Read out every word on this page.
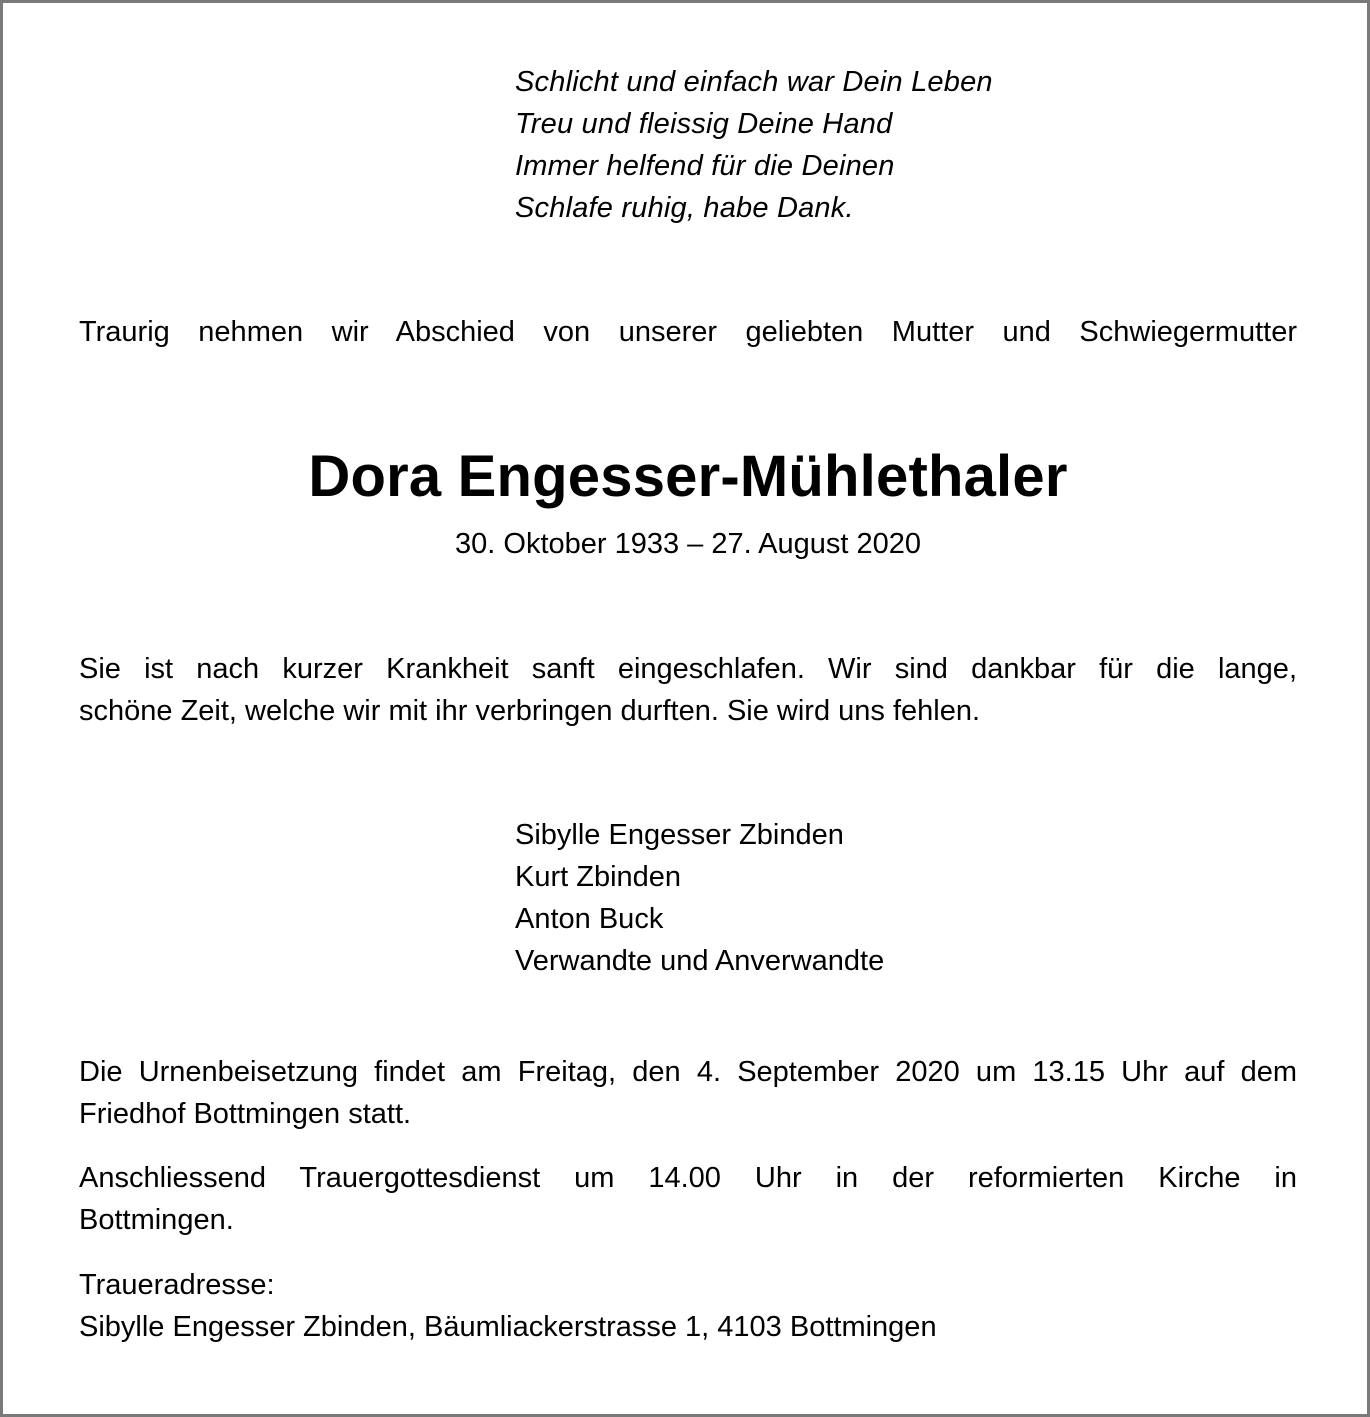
Schlicht und einfach war Dein Leben
Treu und fleissig Deine Hand
Immer helfend für die Deinen
Schlafe ruhig, habe Dank.
Traurig nehmen wir Abschied von unserer geliebten Mutter und Schwiegermutter
Dora Engesser-Mühlethaler
30. Oktober 1933 – 27. August 2020
Sie ist nach kurzer Krankheit sanft eingeschlafen. Wir sind dankbar für die lange,
schöne Zeit, welche wir mit ihr verbringen durften. Sie wird uns fehlen.
Sibylle Engesser Zbinden
Kurt Zbinden
Anton Buck
Verwandte und Anverwandte
Die Urnenbeisetzung findet am Freitag, den 4. September 2020 um 13.15 Uhr auf dem
Friedhof Bottmingen statt.
Anschliessend Trauergottesdienst um 14.00 Uhr in der reformierten Kirche in
Bottmingen.
Traueradresse:
Sibylle Engesser Zbinden, Bäumliackerstrasse 1, 4103 Bottmingen
